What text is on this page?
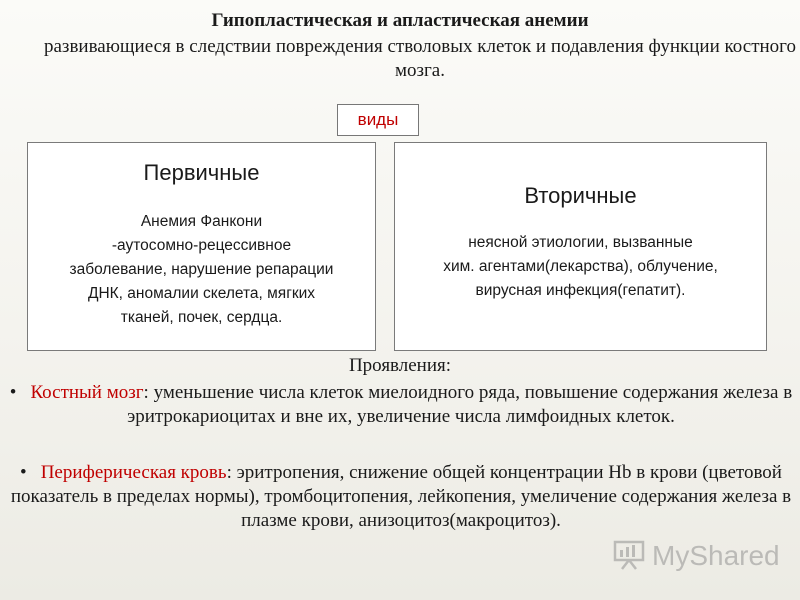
Гипопластическая и апластическая анемии
развивающиеся в следствии повреждения стволовых клеток и подавления функции костного мозга.
виды
Первичные
Анемия Фанкони
-аутосомно-рецессивное
заболевание, нарушение репарации
ДНК, аномалии скелета, мягких
тканей, почек, сердца.
Вторичные
неясной этиологии, вызванные
хим. агентами(лекарства), облучение,
вирусная инфекция(гепатит).
Проявления:
• Костный мозг: уменьшение числа клеток миелоидного ряда, повышение содержания железа в эритрокариоцитах и вне их, увеличение числа лимфоидных клеток.
• Периферическая кровь: эритропения, снижение общей концентрации Нb в крови (цветовой показатель в пределах нормы), тромбоцитопения, лейкопения, умеличение содержания железа в плазме крови, анизоцитоз(макроцитоз).
MyShared
